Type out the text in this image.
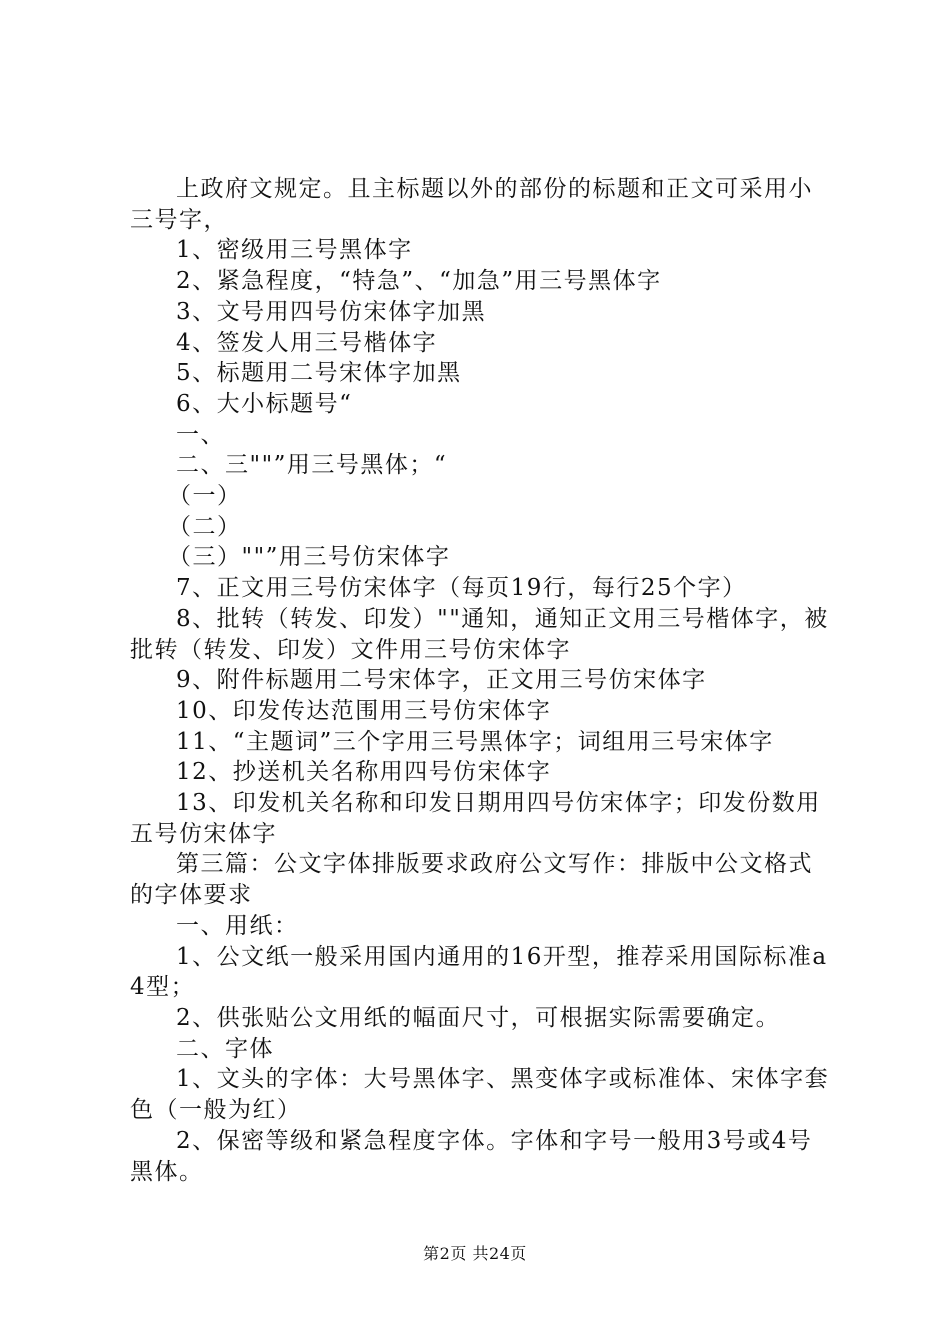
上政府文规定。且主标题以外的部份的标题和正文可采用小三号字，

1、密级用三号黑体字

2、紧急程度，“特急”、“加急”用三号黑体字

3、文号用四号仿宋体字加黑

4、签发人用三号楷体字

5、标题用二号宋体字加黑

6、大小标题号“

一、

二、三""”用三号黑体；“

（一）

（二）

（三）""”用三号仿宋体字

7、正文用三号仿宋体字（每页19行，每行25个字）

8、批转（转发、印发）""通知，通知正文用三号楷体字，被批转（转发、印发）文件用三号仿宋体字

9、附件标题用二号宋体字，正文用三号仿宋体字

10、印发传达范围用三号仿宋体字

11、“主题词”三个字用三号黑体字；词组用三号宋体字

12、抄送机关名称用四号仿宋体字

13、印发机关名称和印发日期用四号仿宋体字；印发份数用五号仿宋体字

第三篇：公文字体排版要求政府公文写作：排版中公文格式的字体要求

一、用纸：

1、公文纸一般采用国内通用的16开型，推荐采用国际标准a4型；

2、供张贴公文用纸的幅面尺寸，可根据实际需要确定。

二、字体

1、文头的字体：大号黑体字、黑变体字或标准体、宋体字套色（一般为红）

2、保密等级和紧急程度字体。字体和字号一般用3号或4号黑体。

第2页 共24页
